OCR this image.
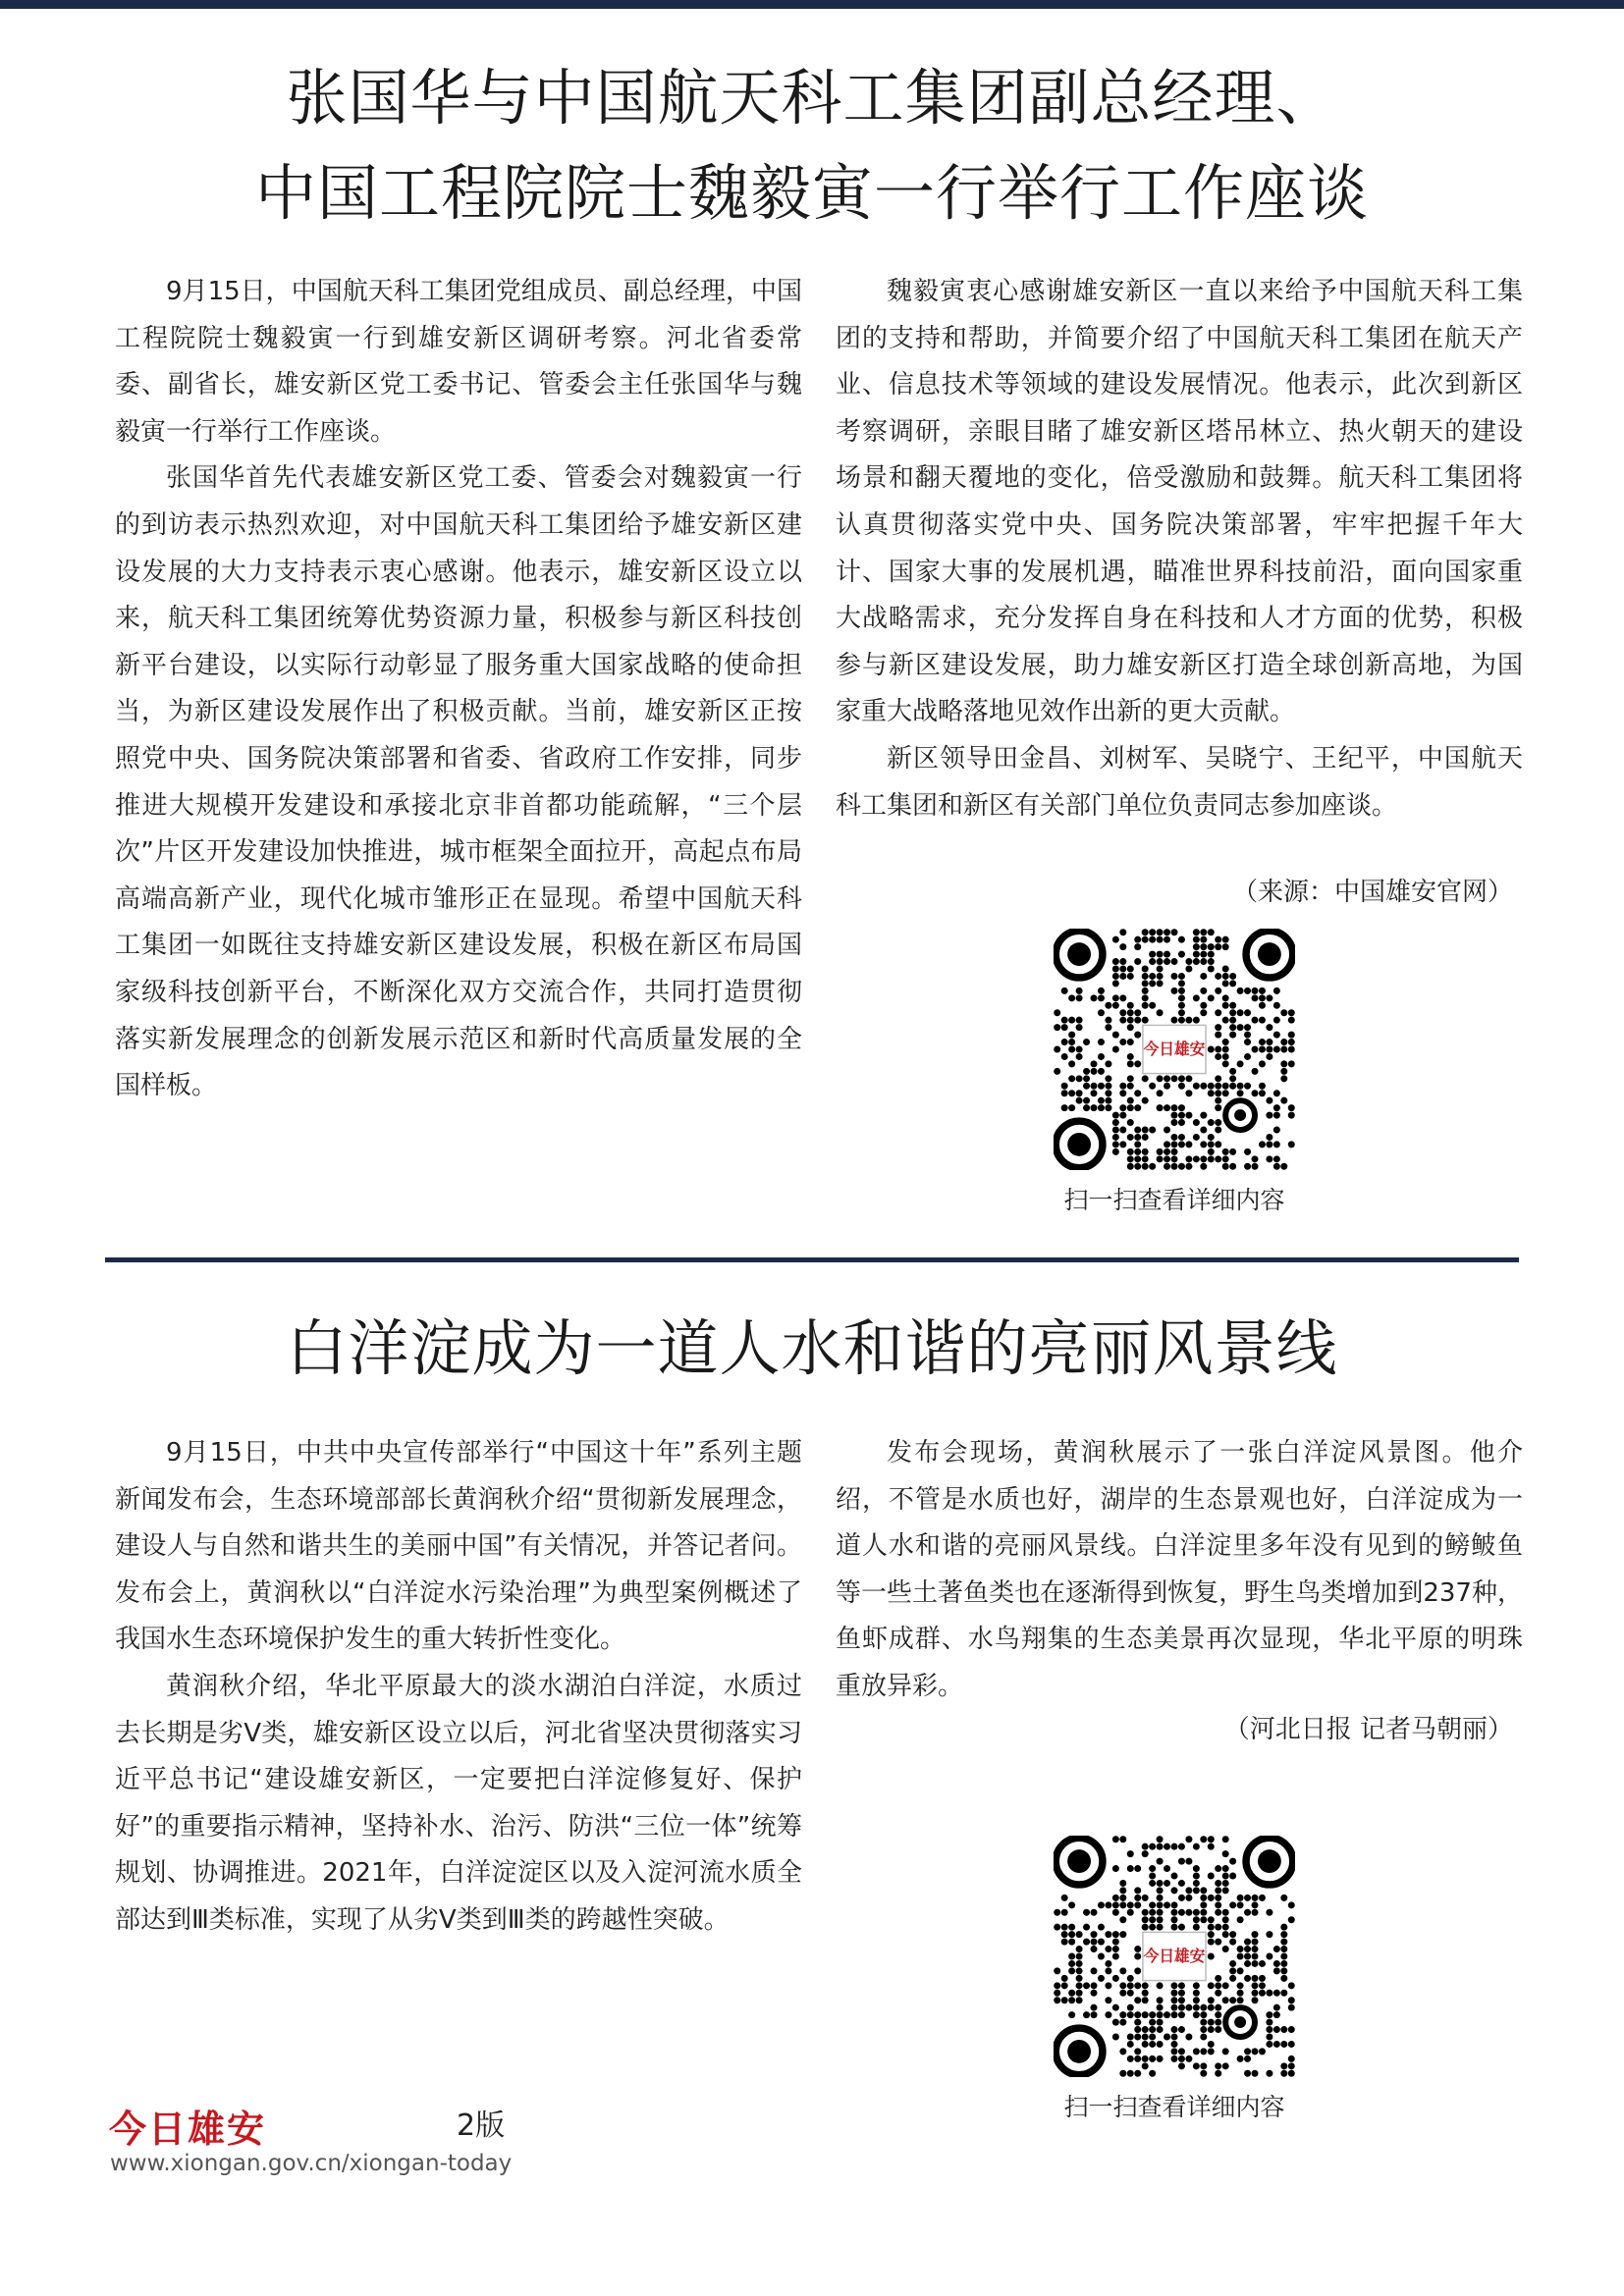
张国华与中国航天科工集团副总经理、
中国工程院院士魏毅寅一行举行工作座谈

9月15日，中国航天科工集团党组成员、副总经理，中国工程院院士魏毅寅一行到雄安新区调研考察。河北省委常委、副省长，雄安新区党工委书记、管委会主任张国华与魏毅寅一行举行工作座谈。

张国华首先代表雄安新区党工委、管委会对魏毅寅一行的到访表示热烈欢迎，对中国航天科工集团给予雄安新区建设发展的大力支持表示衷心感谢。他表示，雄安新区设立以来，航天科工集团统筹优势资源力量，积极参与新区科技创新平台建设，以实际行动彰显了服务重大国家战略的使命担当，为新区建设发展作出了积极贡献。当前，雄安新区正按照党中央、国务院决策部署和省委、省政府工作安排，同步推进大规模开发建设和承接北京非首都功能疏解，“三个层次”片区开发建设加快推进，城市框架全面拉开，高起点布局高端高新产业，现代化城市雏形正在显现。希望中国航天科工集团一如既往支持雄安新区建设发展，积极在新区布局国家级科技创新平台，不断深化双方交流合作，共同打造贯彻落实新发展理念的创新发展示范区和新时代高质量发展的全国样板。

魏毅寅衷心感谢雄安新区一直以来给予中国航天科工集团的支持和帮助，并简要介绍了中国航天科工集团在航天产业、信息技术等领域的建设发展情况。他表示，此次到新区考察调研，亲眼目睹了雄安新区塔吊林立、热火朝天的建设场景和翻天覆地的变化，倍受激励和鼓舞。航天科工集团将认真贯彻落实党中央、国务院决策部署，牢牢把握千年大计、国家大事的发展机遇，瞄准世界科技前沿，面向国家重大战略需求，充分发挥自身在科技和人才方面的优势，积极参与新区建设发展，助力雄安新区打造全球创新高地，为国家重大战略落地见效作出新的更大贡献。

新区领导田金昌、刘树军、吴晓宁、王纪平，中国航天科工集团和新区有关部门单位负责同志参加座谈。

（来源：中国雄安官网）
今日雄安
扫一扫查看详细内容
白洋淀成为一道人水和谐的亮丽风景线

9月15日，中共中央宣传部举行“中国这十年”系列主题新闻发布会，生态环境部部长黄润秋介绍“贯彻新发展理念，建设人与自然和谐共生的美丽中国”有关情况，并答记者问。发布会上，黄润秋以“白洋淀水污染治理”为典型案例概述了我国水生态环境保护发生的重大转折性变化。

黄润秋介绍，华北平原最大的淡水湖泊白洋淀，水质过去长期是劣V类，雄安新区设立以后，河北省坚决贯彻落实习近平总书记“建设雄安新区，一定要把白洋淀修复好、保护好”的重要指示精神，坚持补水、治污、防洪“三位一体”统筹规划、协调推进。2021年，白洋淀淀区以及入淀河流水质全部达到Ⅲ类标准，实现了从劣V类到Ⅲ类的跨越性突破。

发布会现场，黄润秋展示了一张白洋淀风景图。他介绍，不管是水质也好，湖岸的生态景观也好，白洋淀成为一道人水和谐的亮丽风景线。白洋淀里多年没有见到的鳑鲏鱼等一些土著鱼类也在逐渐得到恢复，野生鸟类增加到237种，鱼虾成群、水鸟翔集的生态美景再次显现，华北平原的明珠重放异彩。

（河北日报 记者马朝丽）
今日雄安
扫一扫查看详细内容
今日雄安	2版
www.xiongan.gov.cn/xiongan-today
